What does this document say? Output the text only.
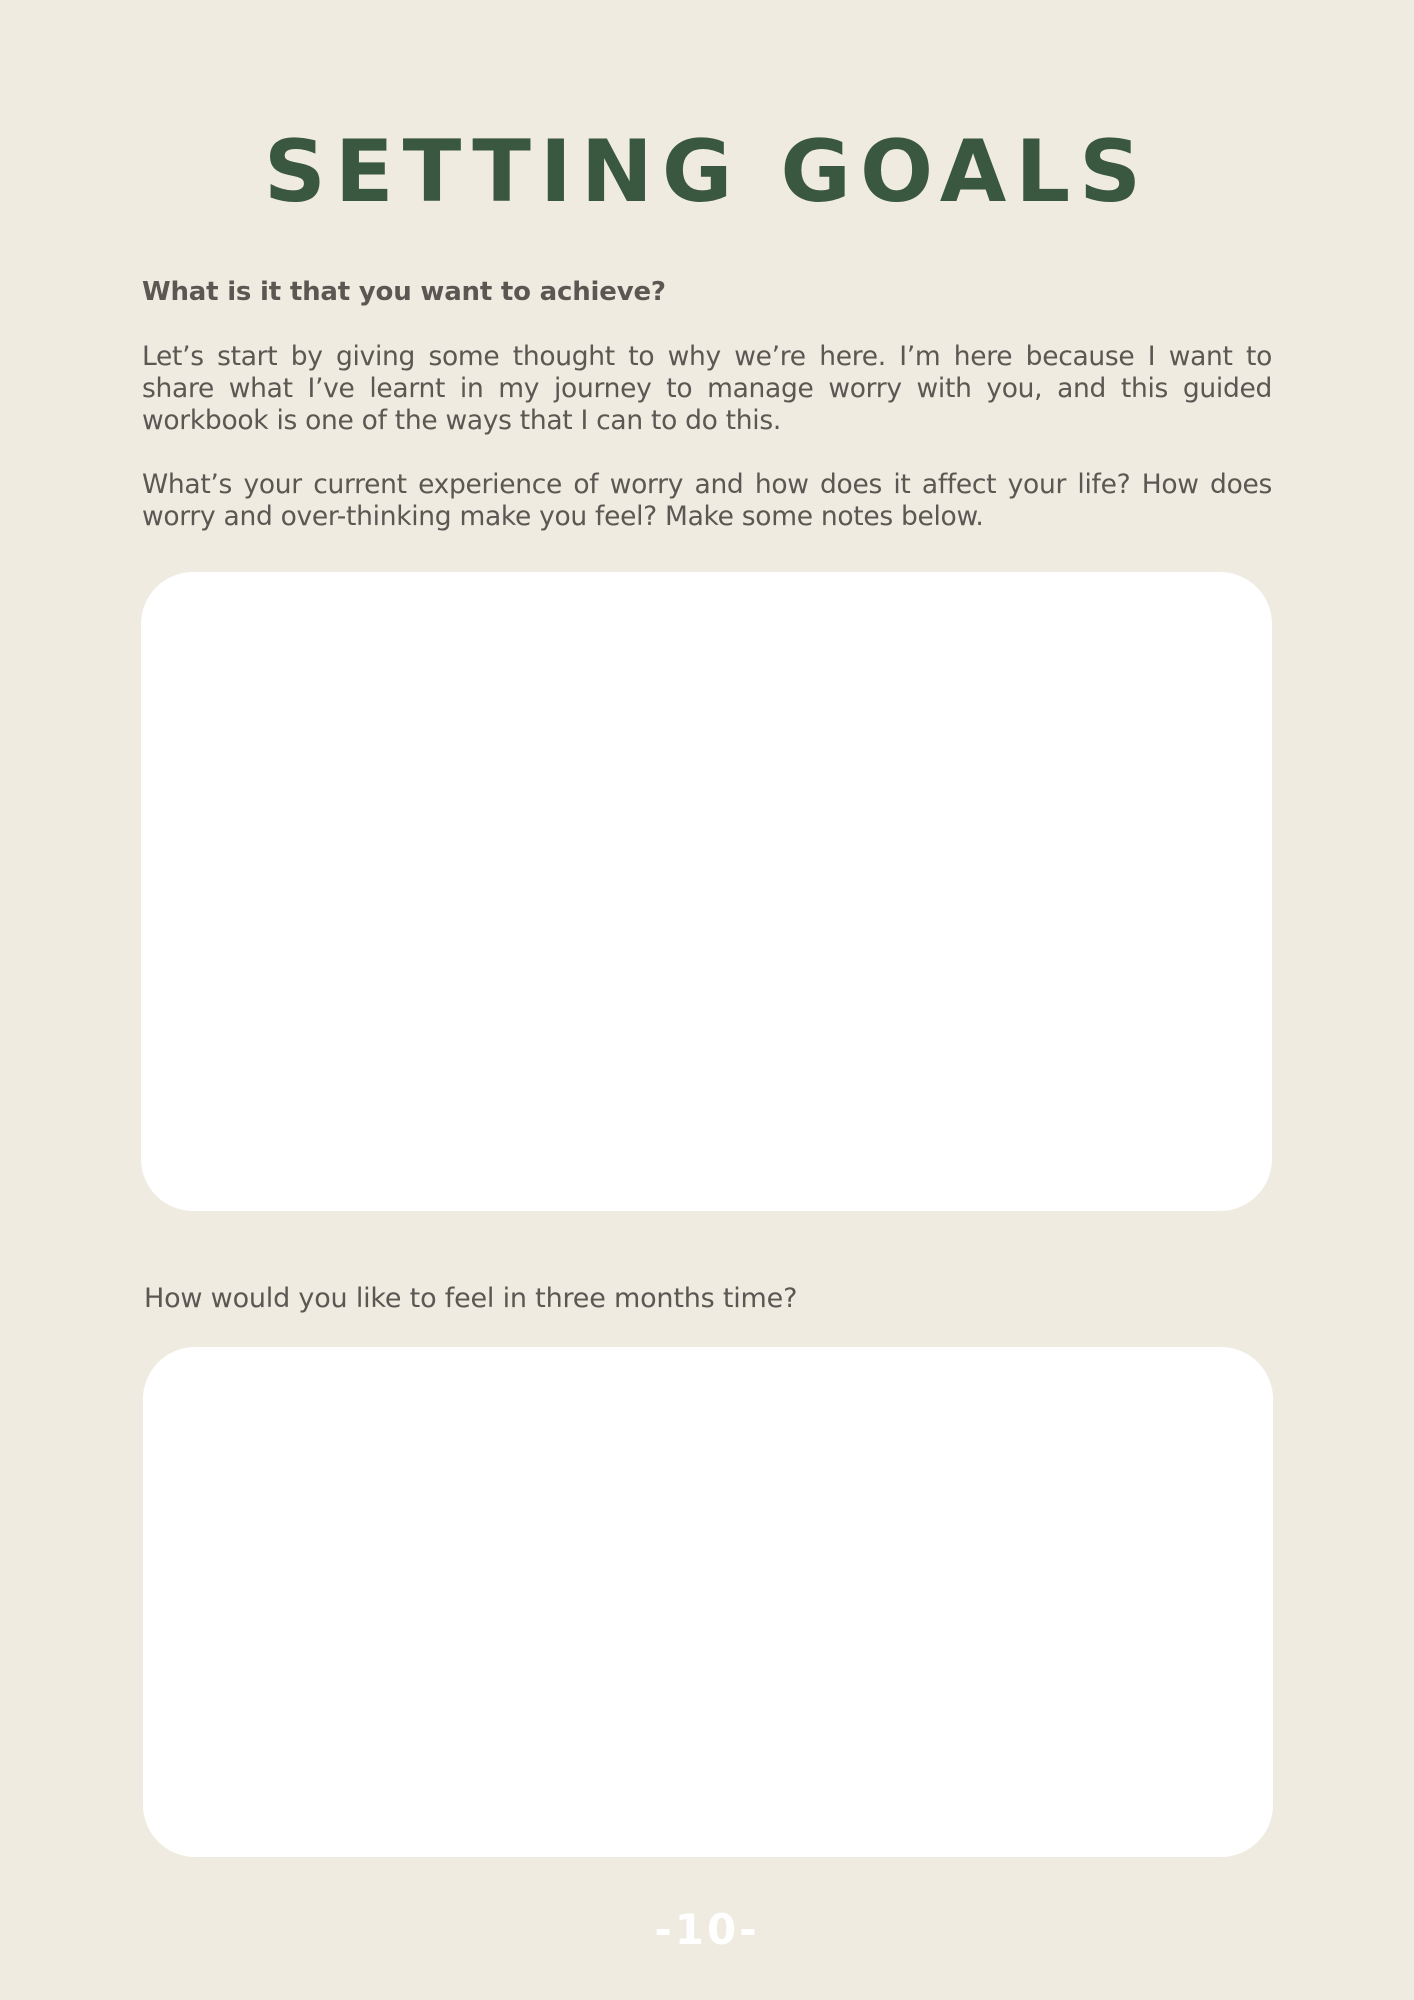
SETTING GOALS

What is it that you want to achieve?

Let’s start by giving some thought to why we’re here. I’m here because I want to share what I’ve learnt in my journey to manage worry with you, and this guided workbook is one of the ways that I can to do this.

What’s your current experience of worry and how does it affect your life? How does worry and over-thinking make you feel? Make some notes below.

How would you like to feel in three months time?

-10-
